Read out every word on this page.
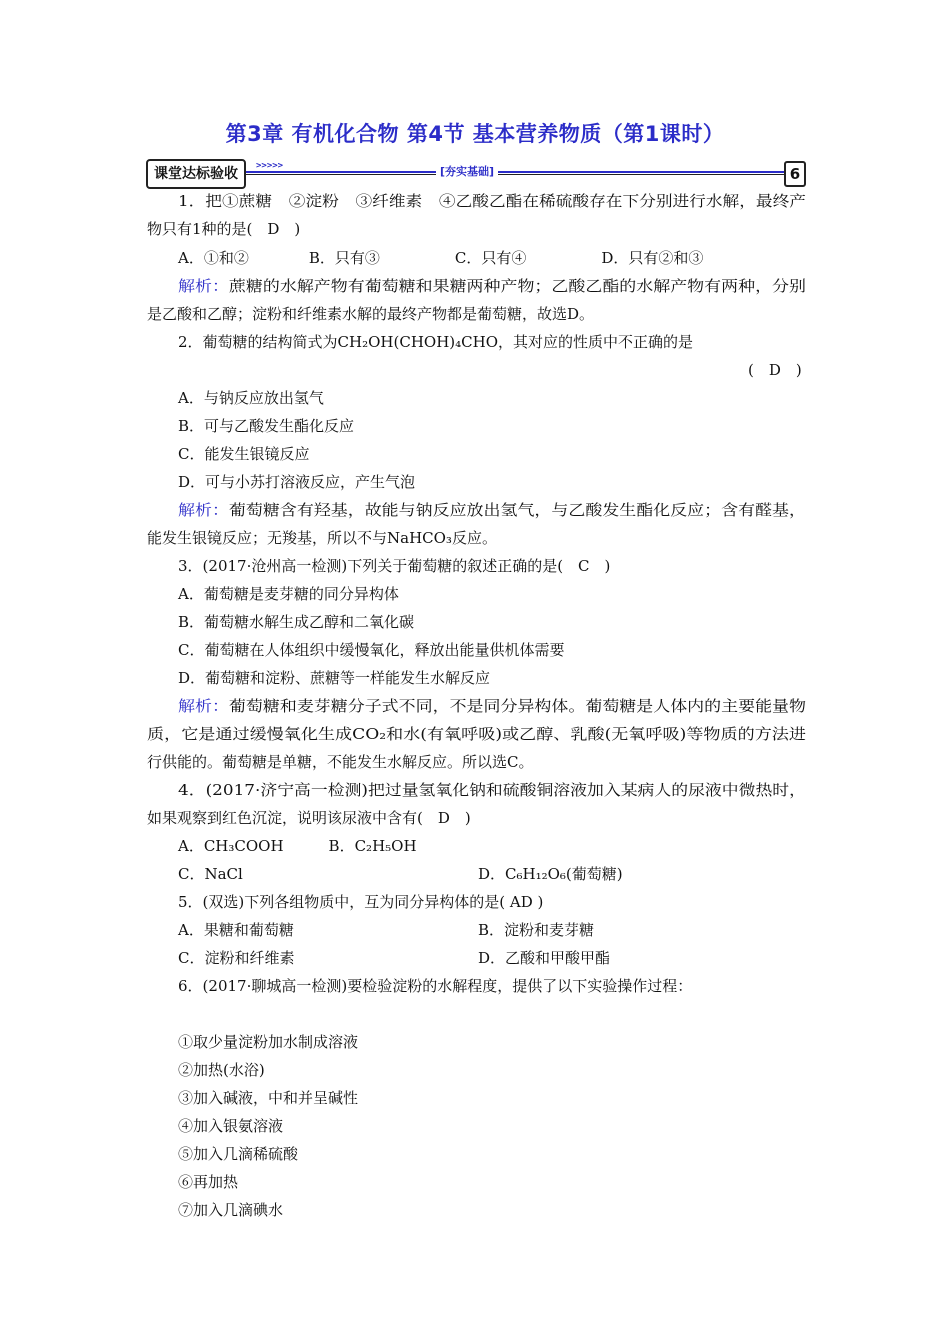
第3章 有机化合物 第4节 基本营养物质（第1课时）
课堂达标验收	>>>>>	[夯实基础]	6
1．把①蔗糖　②淀粉　③纤维素　④乙酸乙酯在稀硫酸存在下分别进行水解，最终产
物只有1种的是(　D　)
A．①和②　　　　B．只有③　　　　　C．只有④　　　　　D．只有②和③
解析：蔗糖的水解产物有葡萄糖和果糖两种产物；乙酸乙酯的水解产物有两种，分别
是乙酸和乙醇；淀粉和纤维素水解的最终产物都是葡萄糖，故选D。
2．葡萄糖的结构简式为CH₂OH(CHOH)₄CHO，其对应的性质中不正确的是
(　D　)
A．与钠反应放出氢气
B．可与乙酸发生酯化反应
C．能发生银镜反应
D．可与小苏打溶液反应，产生气泡
解析：葡萄糖含有羟基，故能与钠反应放出氢气，与乙酸发生酯化反应；含有醛基，
能发生银镜反应；无羧基，所以不与NaHCO₃反应。
3．(2017·沧州高一检测)下列关于葡萄糖的叙述正确的是(　C　)
A．葡萄糖是麦芽糖的同分异构体
B．葡萄糖水解生成乙醇和二氧化碳
C．葡萄糖在人体组织中缓慢氧化，释放出能量供机体需要
D．葡萄糖和淀粉、蔗糖等一样能发生水解反应
解析：葡萄糖和麦芽糖分子式不同，不是同分异构体。葡萄糖是人体内的主要能量物
质，它是通过缓慢氧化生成CO₂和水(有氧呼吸)或乙醇、乳酸(无氧呼吸)等物质的方法进
行供能的。葡萄糖是单糖，不能发生水解反应。所以选C。
4．(2017·济宁高一检测)把过量氢氧化钠和硫酸铜溶液加入某病人的尿液中微热时，
如果观察到红色沉淀，说明该尿液中含有(　D　)
A．CH₃COOH　　　B．C₂H₅OH
C．NaCl	D．C₆H₁₂O₆(葡萄糖)
5．(双选)下列各组物质中，互为同分异构体的是( AD )
A．果糖和葡萄糖	B．淀粉和麦芽糖
C．淀粉和纤维素	D．乙酸和甲酸甲酯
6．(2017·聊城高一检测)要检验淀粉的水解程度，提供了以下实验操作过程：
①取少量淀粉加水制成溶液
②加热(水浴)
③加入碱液，中和并呈碱性
④加入银氨溶液
⑤加入几滴稀硫酸
⑥再加热
⑦加入几滴碘水
